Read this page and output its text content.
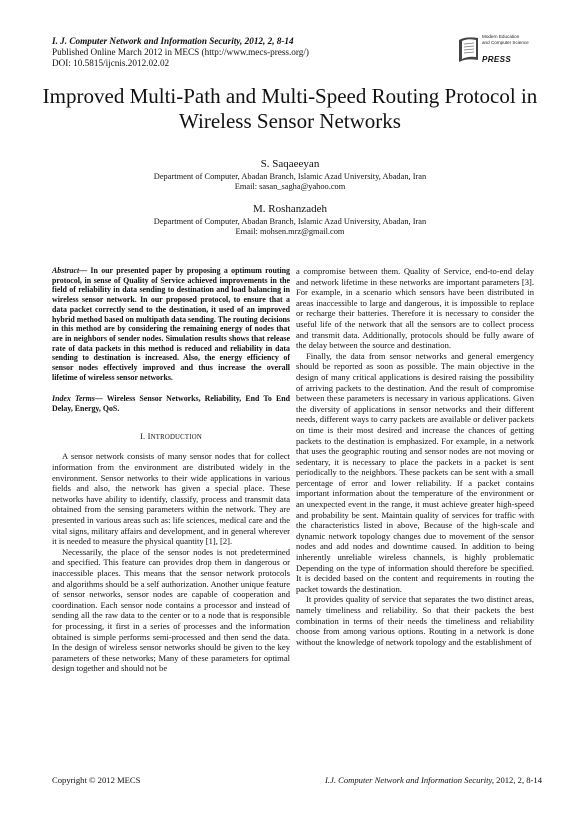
I. J. Computer Network and Information Security, 2012, 2, 8-14
Published Online March 2012 in MECS (http://www.mecs-press.org/)
DOI: 10.5815/ijcnis.2012.02.02
Modern Education
and Computer Science
PRESS
Improved Multi-Path and Multi-Speed Routing Protocol in Wireless Sensor Networks
S. Saqaeeyan
Department of Computer, Abadan Branch, Islamic Azad University, Abadan, Iran
Email: sasan_sagha@yahoo.com
M. Roshanzadeh
Department of Computer, Abadan Branch, Islamic Azad University, Abadan, Iran
Email: mohsen.mrz@gmail.com

Abstract— In our presented paper by proposing a optimum routing protocol, in sense of Quality of Service achieved improvements in the field of reliability in data sending to destination and load balancing in wireless sensor network. In our proposed protocol, to ensure that a data packet correctly send to the destination, it used of an improved hybrid method based on multipath data sending. The routing decisions in this method are by considering the remaining energy of nodes that are in neighbors of sender nodes. Simulation results shows that release rate of data packets in this method is reduced and reliability in data sending to destination is increased. Also, the energy efficiency of sensor nodes effectively improved and thus increase the overall lifetime of wireless sensor networks.

Index Terms— Wireless Sensor Networks, Reliability, End To End Delay, Energy, QoS.

I. INTRODUCTION

A sensor network consists of many sensor nodes that for collect information from the environment are distributed widely in the environment. Sensor networks to their wide applications in various fields and also, the network has given a special place. These networks have ability to identify, classify, process and transmit data obtained from the sensing parameters within the network. They are presented in various areas such as: life sciences, medical care and the vital signs, military affairs and development, and in general wherever it is needed to measure the physical quantity [1], [2].

Necessarily, the place of the sensor nodes is not predetermined and specified. This feature can provides drop them in dangerous or inaccessible places. This means that the sensor network protocols and algorithms should be a self authorization. Another unique feature of sensor networks, sensor nodes are capable of cooperation and coordination. Each sensor node contains a processor and instead of sending all the raw data to the center or to a node that is responsible for processing, it first in a series of processes and the information obtained is simple performs semi-processed and then send the data. In the design of wireless sensor networks should be given to the key parameters of these networks; Many of these parameters for optimal design together and should not be

a compromise between them. Quality of Service, end-to-end delay and network lifetime in these networks are important parameters [3]. For example, in a scenario which sensors have been distributed in areas inaccessible to large and dangerous, it is impossible to replace or recharge their batteries. Therefore it is necessary to consider the useful life of the network that all the sensors are to collect process and transmit data. Additionally, protocols should be fully aware of the delay between the source and destination.

Finally, the data from sensor networks and general emergency should be reported as soon as possible. The main objective in the design of many critical applications is desired raising the possibility of arriving packets to the destination. And the result of compromise between these parameters is necessary in various applications. Given the diversity of applications in sensor networks and their different needs, different ways to carry packets are available or deliver packets on time is their most desired and increase the chances of getting packets to the destination is emphasized. For example, in a network that uses the geographic routing and sensor nodes are not moving or sedentary, it is necessary to place the packets in a packet is sent periodically to the neighbors. These packets can be sent with a small percentage of error and lower reliability. If a packet contains important information about the temperature of the environment or an unexpected event in the range, it must achieve greater high-speed and probability be sent. Maintain quality of services for traffic with the characteristics listed in above, Because of the high-scale and dynamic network topology changes due to movement of the sensor nodes and add nodes and downtime caused. In addition to being inherently unreliable wireless channels, is highly problematic Depending on the type of information should therefore be specified. It is decided based on the content and requirements in routing the packet towards the destination.

It provides quality of service that separates the two distinct areas, namely timeliness and reliability. So that their packets the best combination in terms of their needs the timeliness and reliability choose from among various options. Routing in a network is done without the knowledge of network topology and the establishment of

Copyright © 2012 MECS	I.J. Computer Network and Information Security, 2012, 2, 8-14
